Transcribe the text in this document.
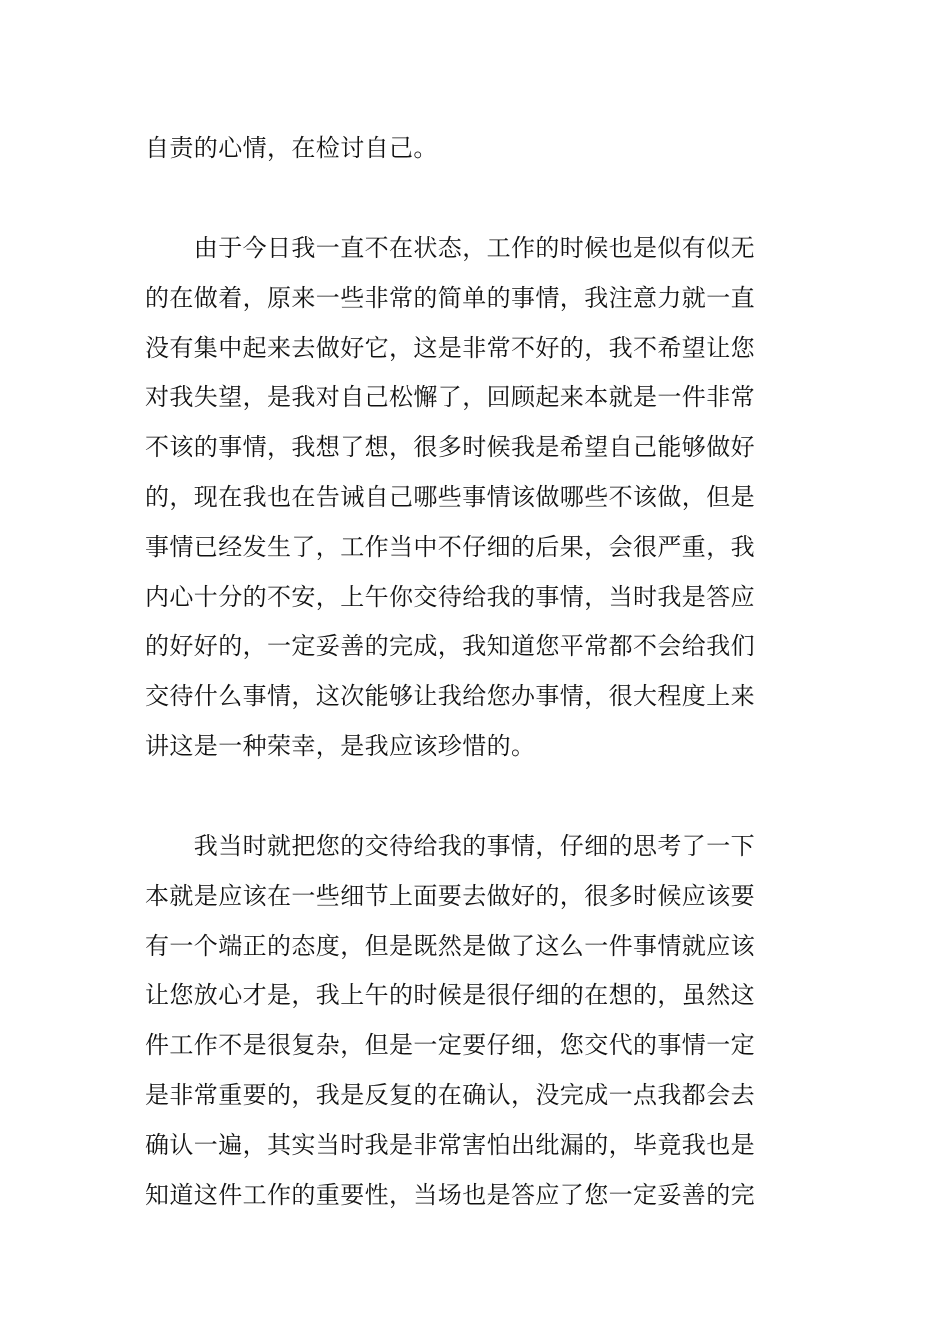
自责的心情，在检讨自己。
　　由于今日我一直不在状态，工作的时候也是似有似无
的在做着，原来一些非常的简单的事情，我注意力就一直
没有集中起来去做好它，这是非常不好的，我不希望让您
对我失望，是我对自己松懈了，回顾起来本就是一件非常
不该的事情，我想了想，很多时候我是希望自己能够做好
的，现在我也在告诫自己哪些事情该做哪些不该做，但是
事情已经发生了，工作当中不仔细的后果，会很严重，我
内心十分的不安，上午你交待给我的事情，当时我是答应
的好好的，一定妥善的完成，我知道您平常都不会给我们
交待什么事情，这次能够让我给您办事情，很大程度上来
讲这是一种荣幸，是我应该珍惜的。
　　我当时就把您的交待给我的事情，仔细的思考了一下
本就是应该在一些细节上面要去做好的，很多时候应该要
有一个端正的态度，但是既然是做了这么一件事情就应该
让您放心才是，我上午的时候是很仔细的在想的，虽然这
件工作不是很复杂，但是一定要仔细，您交代的事情一定
是非常重要的，我是反复的在确认，没完成一点我都会去
确认一遍，其实当时我是非常害怕出纰漏的，毕竟我也是
知道这件工作的重要性，当场也是答应了您一定妥善的完
